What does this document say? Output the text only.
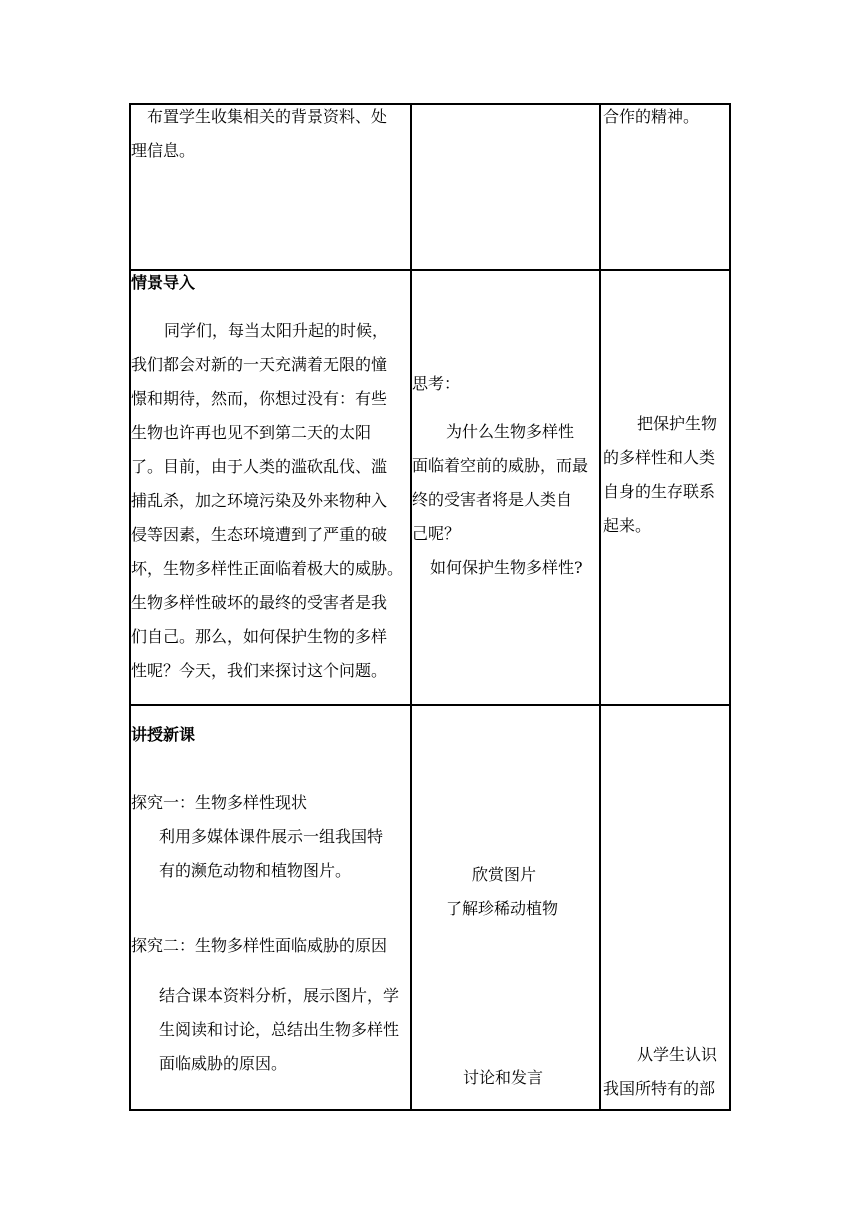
布置学生收集相关的背景资料、处
理信息。
合作的精神。
情景导入
同学们，每当太阳升起的时候，
我们都会对新的一天充满着无限的憧
憬和期待，然而，你想过没有：有些
生物也许再也见不到第二天的太阳
了。目前，由于人类的滥砍乱伐、滥
捕乱杀，加之环境污染及外来物种入
侵等因素，生态环境遭到了严重的破
坏，生物多样性正面临着极大的威胁。
生物多样性破坏的最终的受害者是我
们自己。那么，如何保护生物的多样
性呢？今天，我们来探讨这个问题。
思考：
为什么生物多样性
面临着空前的威胁，而最
终的受害者将是人类自
己呢？
如何保护生物多样性?
把保护生物
的多样性和人类
自身的生存联系
起来。
讲授新课
探究一：生物多样性现状
利用多媒体课件展示一组我国特
有的濒危动物和植物图片。
探究二：生物多样性面临威胁的原因
结合课本资料分析，展示图片，学
生阅读和讨论，总结出生物多样性
面临威胁的原因。
欣赏图片
了解珍稀动植物
讨论和发言
从学生认识
我国所特有的部
